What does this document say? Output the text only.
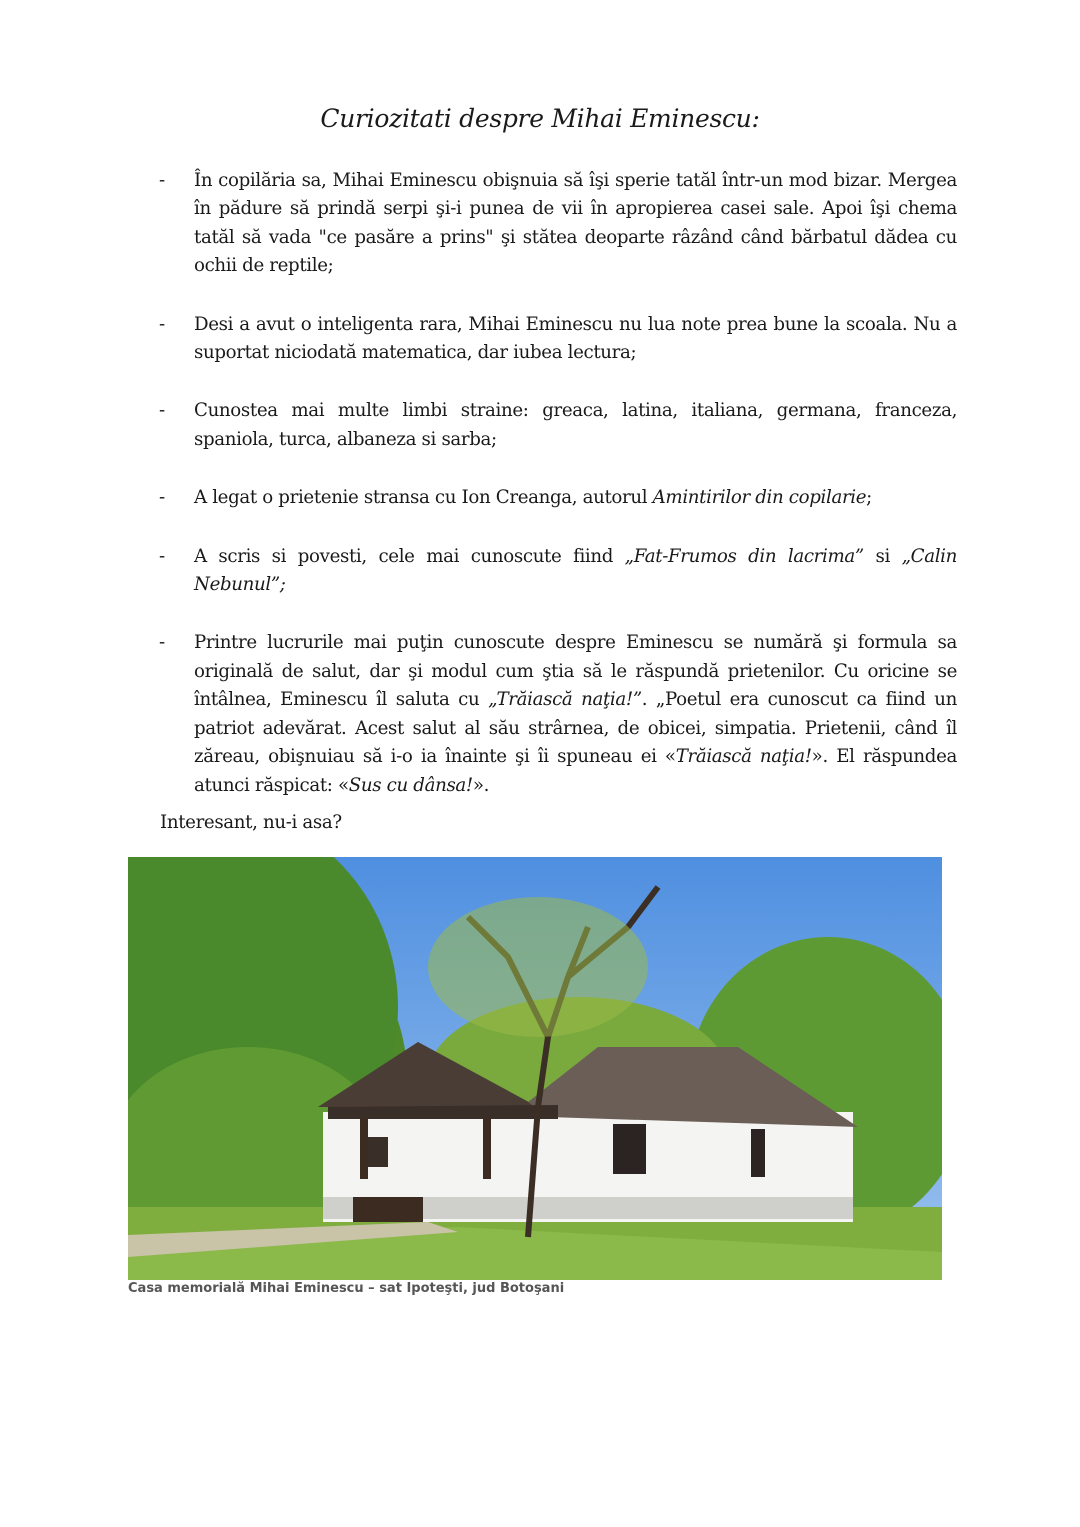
Curiozitati despre Mihai Eminescu:
- În copilăria sa, Mihai Eminescu obişnuia să îşi sperie tatăl într-un mod bizar. Mergea în pădure să prindă serpi şi-i punea de vii în apropierea casei sale. Apoi îşi chema tatăl să vada "ce pasăre a prins" şi stătea deoparte râzând când bărbatul dădea cu ochii de reptile;
- Desi a avut o inteligenta rara, Mihai Eminescu nu lua note prea bune la scoala. Nu a suportat niciodată matematica, dar iubea lectura;
- Cunostea mai multe limbi straine: greaca, latina, italiana, germana, franceza, spaniola, turca, albaneza si sarba;
- A legat o prietenie stransa cu Ion Creanga, autorul Amintirilor din copilarie;
- A scris si povesti, cele mai cunoscute fiind „Fat-Frumos din lacrima” si „Calin Nebunul”;
- Printre lucrurile mai puţin cunoscute despre Eminescu se numără şi formula sa originală de salut, dar şi modul cum ştia să le răspundă prietenilor. Cu oricine se întâlnea, Eminescu îl saluta cu „Trăiască naţia!”. „Poetul era cunoscut ca fiind un patriot adevărat. Acest salut al său strârnea, de obicei, simpatia. Prietenii, când îl zăreau, obişnuiau să i-o ia înainte şi îi spuneau ei «Trăiască naţia!». El răspundea atunci răspicat: «Sus cu dânsa!».
Interesant, nu-i asa?
Casa memorială Mihai Eminescu – sat Ipoteşti, jud Botoşani
